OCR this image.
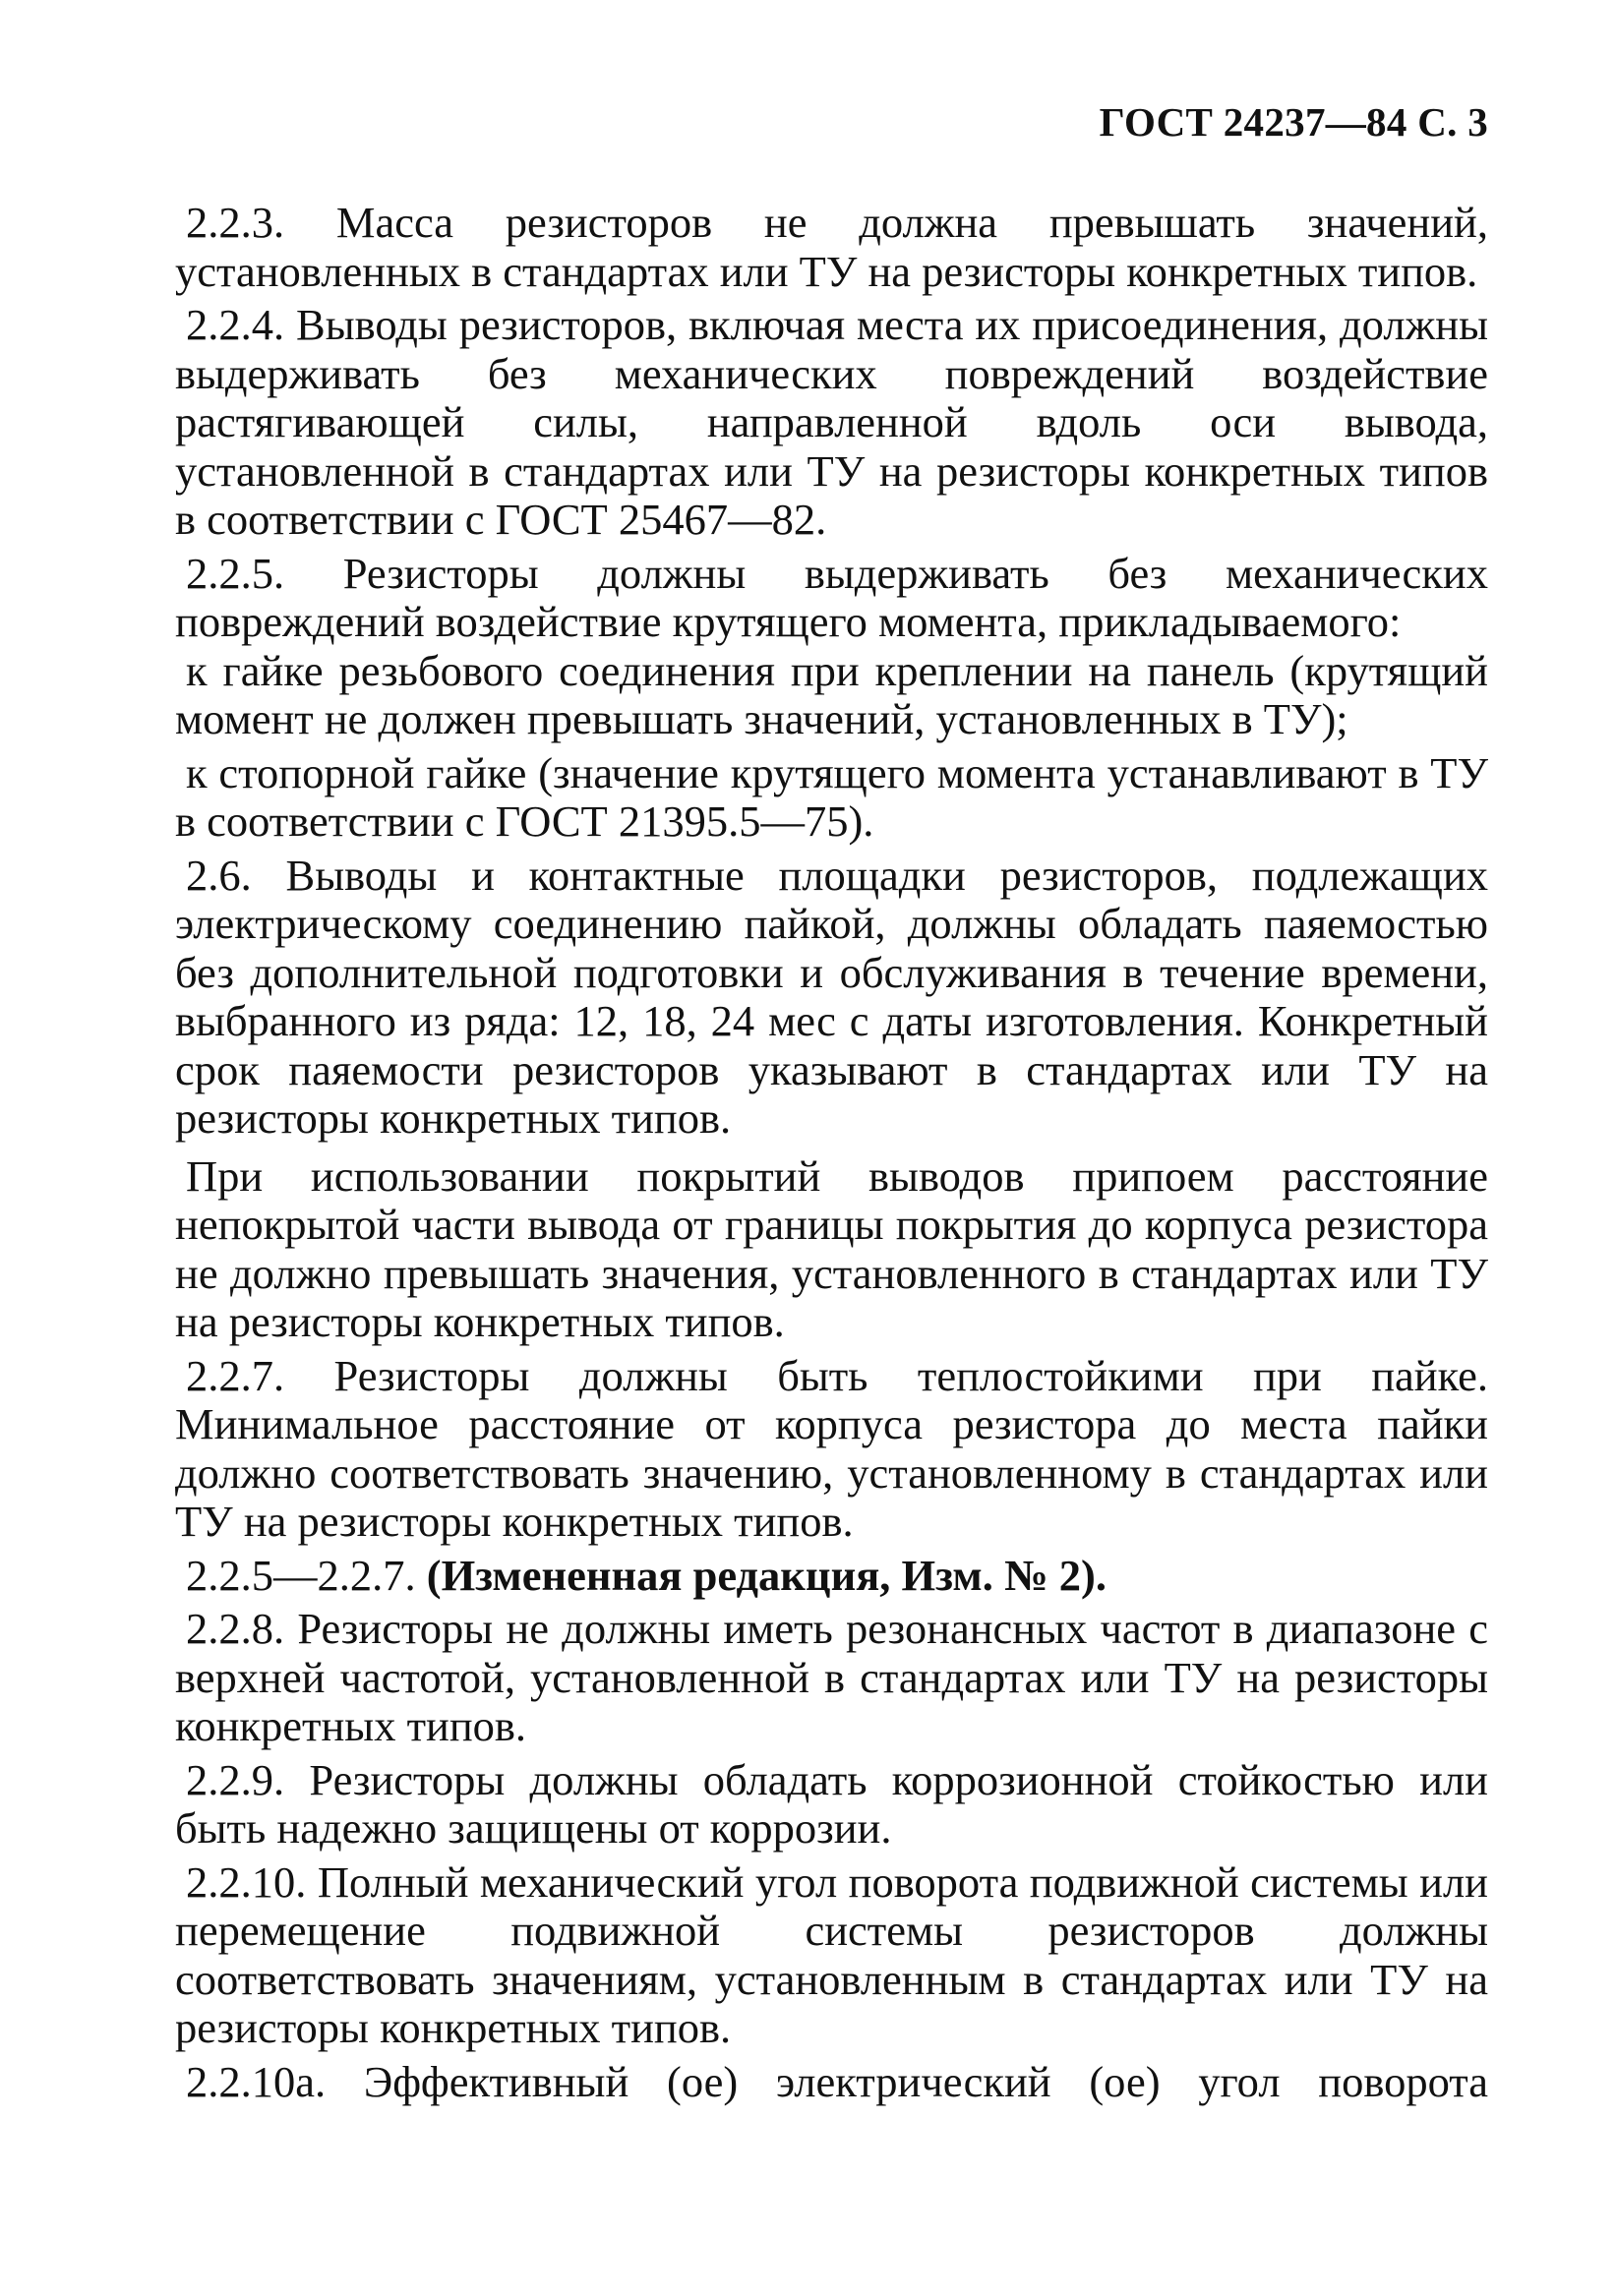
ГОСТ 24237—84 С. 3

2.2.3. Масса резисторов не должна превышать значений, установленных в стандартах или ТУ на резисторы конкретных типов.

2.2.4. Выводы резисторов, включая места их присоединения, должны выдерживать без механических повреждений воздействие растягивающей силы, направленной вдоль оси вывода, установленной в стандартах или ТУ на резисторы конкретных типов в соответствии с ГОСТ 25467—82.

2.2.5. Резисторы должны выдерживать без механических повреждений воздействие крутящего момента, прикладываемого:

к гайке резьбового соединения при креплении на панель (крутящий момент не должен превышать значений, установленных в ТУ);

к стопорной гайке (значение крутящего момента устанавливают в ТУ в соответствии с ГОСТ 21395.5—75).

2.6. Выводы и контактные площадки резисторов, подлежащих электрическому соединению пайкой, должны обладать паяемостью без дополнительной подготовки и обслуживания в течение времени, выбранного из ряда: 12, 18, 24 мес с даты изготовления. Конкретный срок паяемости резисторов указывают в стандартах или ТУ на резисторы конкретных типов.

При использовании покрытий выводов припоем расстояние непокрытой части вывода от границы покрытия до корпуса резистора не должно превышать значения, установленного в стандартах или ТУ на резисторы конкретных типов.

2.2.7. Резисторы должны быть теплостойкими при пайке. Минимальное расстояние от корпуса резистора до места пайки должно соответствовать значению, установленному в стандартах или ТУ на резисторы конкретных типов.

2.2.5—2.2.7. (Измененная редакция, Изм. № 2).

2.2.8. Резисторы не должны иметь резонансных частот в диапазоне с верхней частотой, установленной в стандартах или ТУ на резисторы конкретных типов.

2.2.9. Резисторы должны обладать коррозионной стойкостью или быть надежно защищены от коррозии.

2.2.10. Полный механический угол поворота подвижной системы или перемещение подвижной системы резисторов должны соответствовать значениям, установленным в стандартах или ТУ на резисторы конкретных типов.

2.2.10а. Эффективный (ое) электрический (ое) угол поворота
